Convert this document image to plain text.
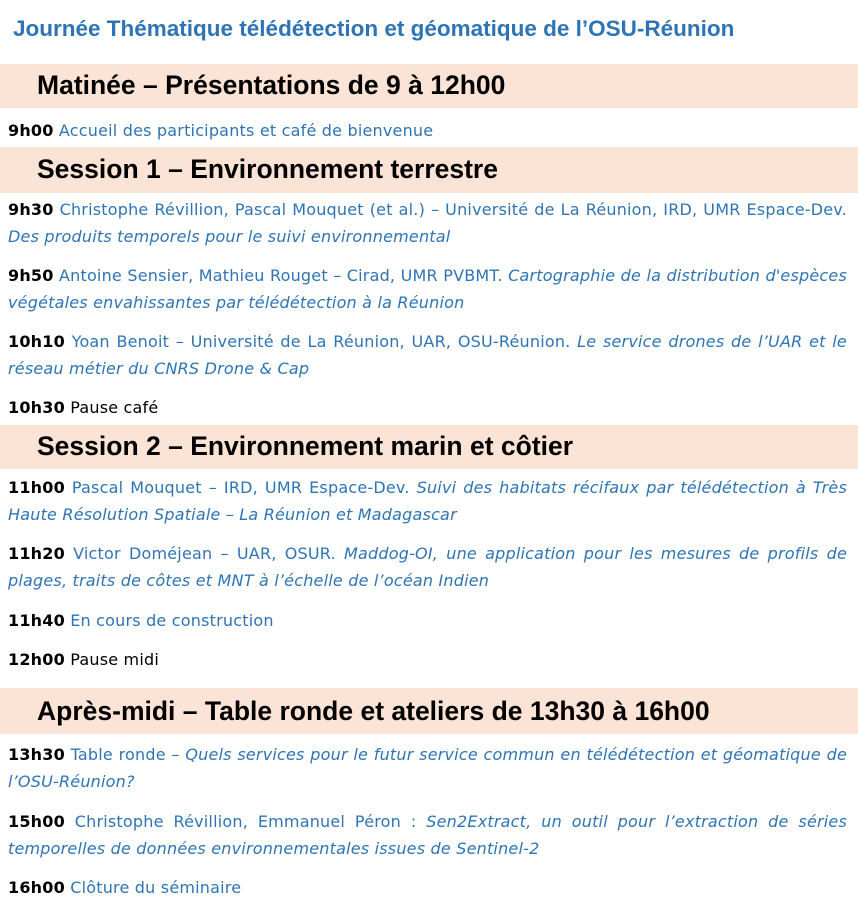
Journée Thématique télédétection et géomatique de l’OSU-Réunion
Matinée – Présentations de 9 à 12h00
9h00 Accueil des participants et café de bienvenue
Session 1 – Environnement terrestre
9h30 Christophe Révillion, Pascal Mouquet (et al.) – Université de La Réunion, IRD, UMR Espace-Dev. Des produits temporels pour le suivi environnemental
9h50 Antoine Sensier, Mathieu Rouget – Cirad, UMR PVBMT. Cartographie de la distribution d'espèces végétales envahissantes par télédétection à la Réunion
10h10 Yoan Benoit – Université de La Réunion, UAR, OSU-Réunion. Le service drones de l’UAR et le réseau métier du CNRS Drone & Cap
10h30 Pause café
Session 2 – Environnement marin et côtier
11h00 Pascal Mouquet – IRD, UMR Espace-Dev. Suivi des habitats récifaux par télédétection à Très Haute Résolution Spatiale – La Réunion et Madagascar
11h20 Victor Doméjean – UAR, OSUR. Maddog-OI, une application pour les mesures de profils de plages, traits de côtes et MNT à l’échelle de l’océan Indien
11h40 En cours de construction
12h00 Pause midi
Après-midi – Table ronde et ateliers de 13h30 à 16h00
13h30 Table ronde – Quels services pour le futur service commun en télédétection et géomatique de l’OSU-Réunion?
15h00 Christophe Révillion, Emmanuel Péron : Sen2Extract, un outil pour l’extraction de séries temporelles de données environnementales issues de Sentinel-2
16h00 Clôture du séminaire
